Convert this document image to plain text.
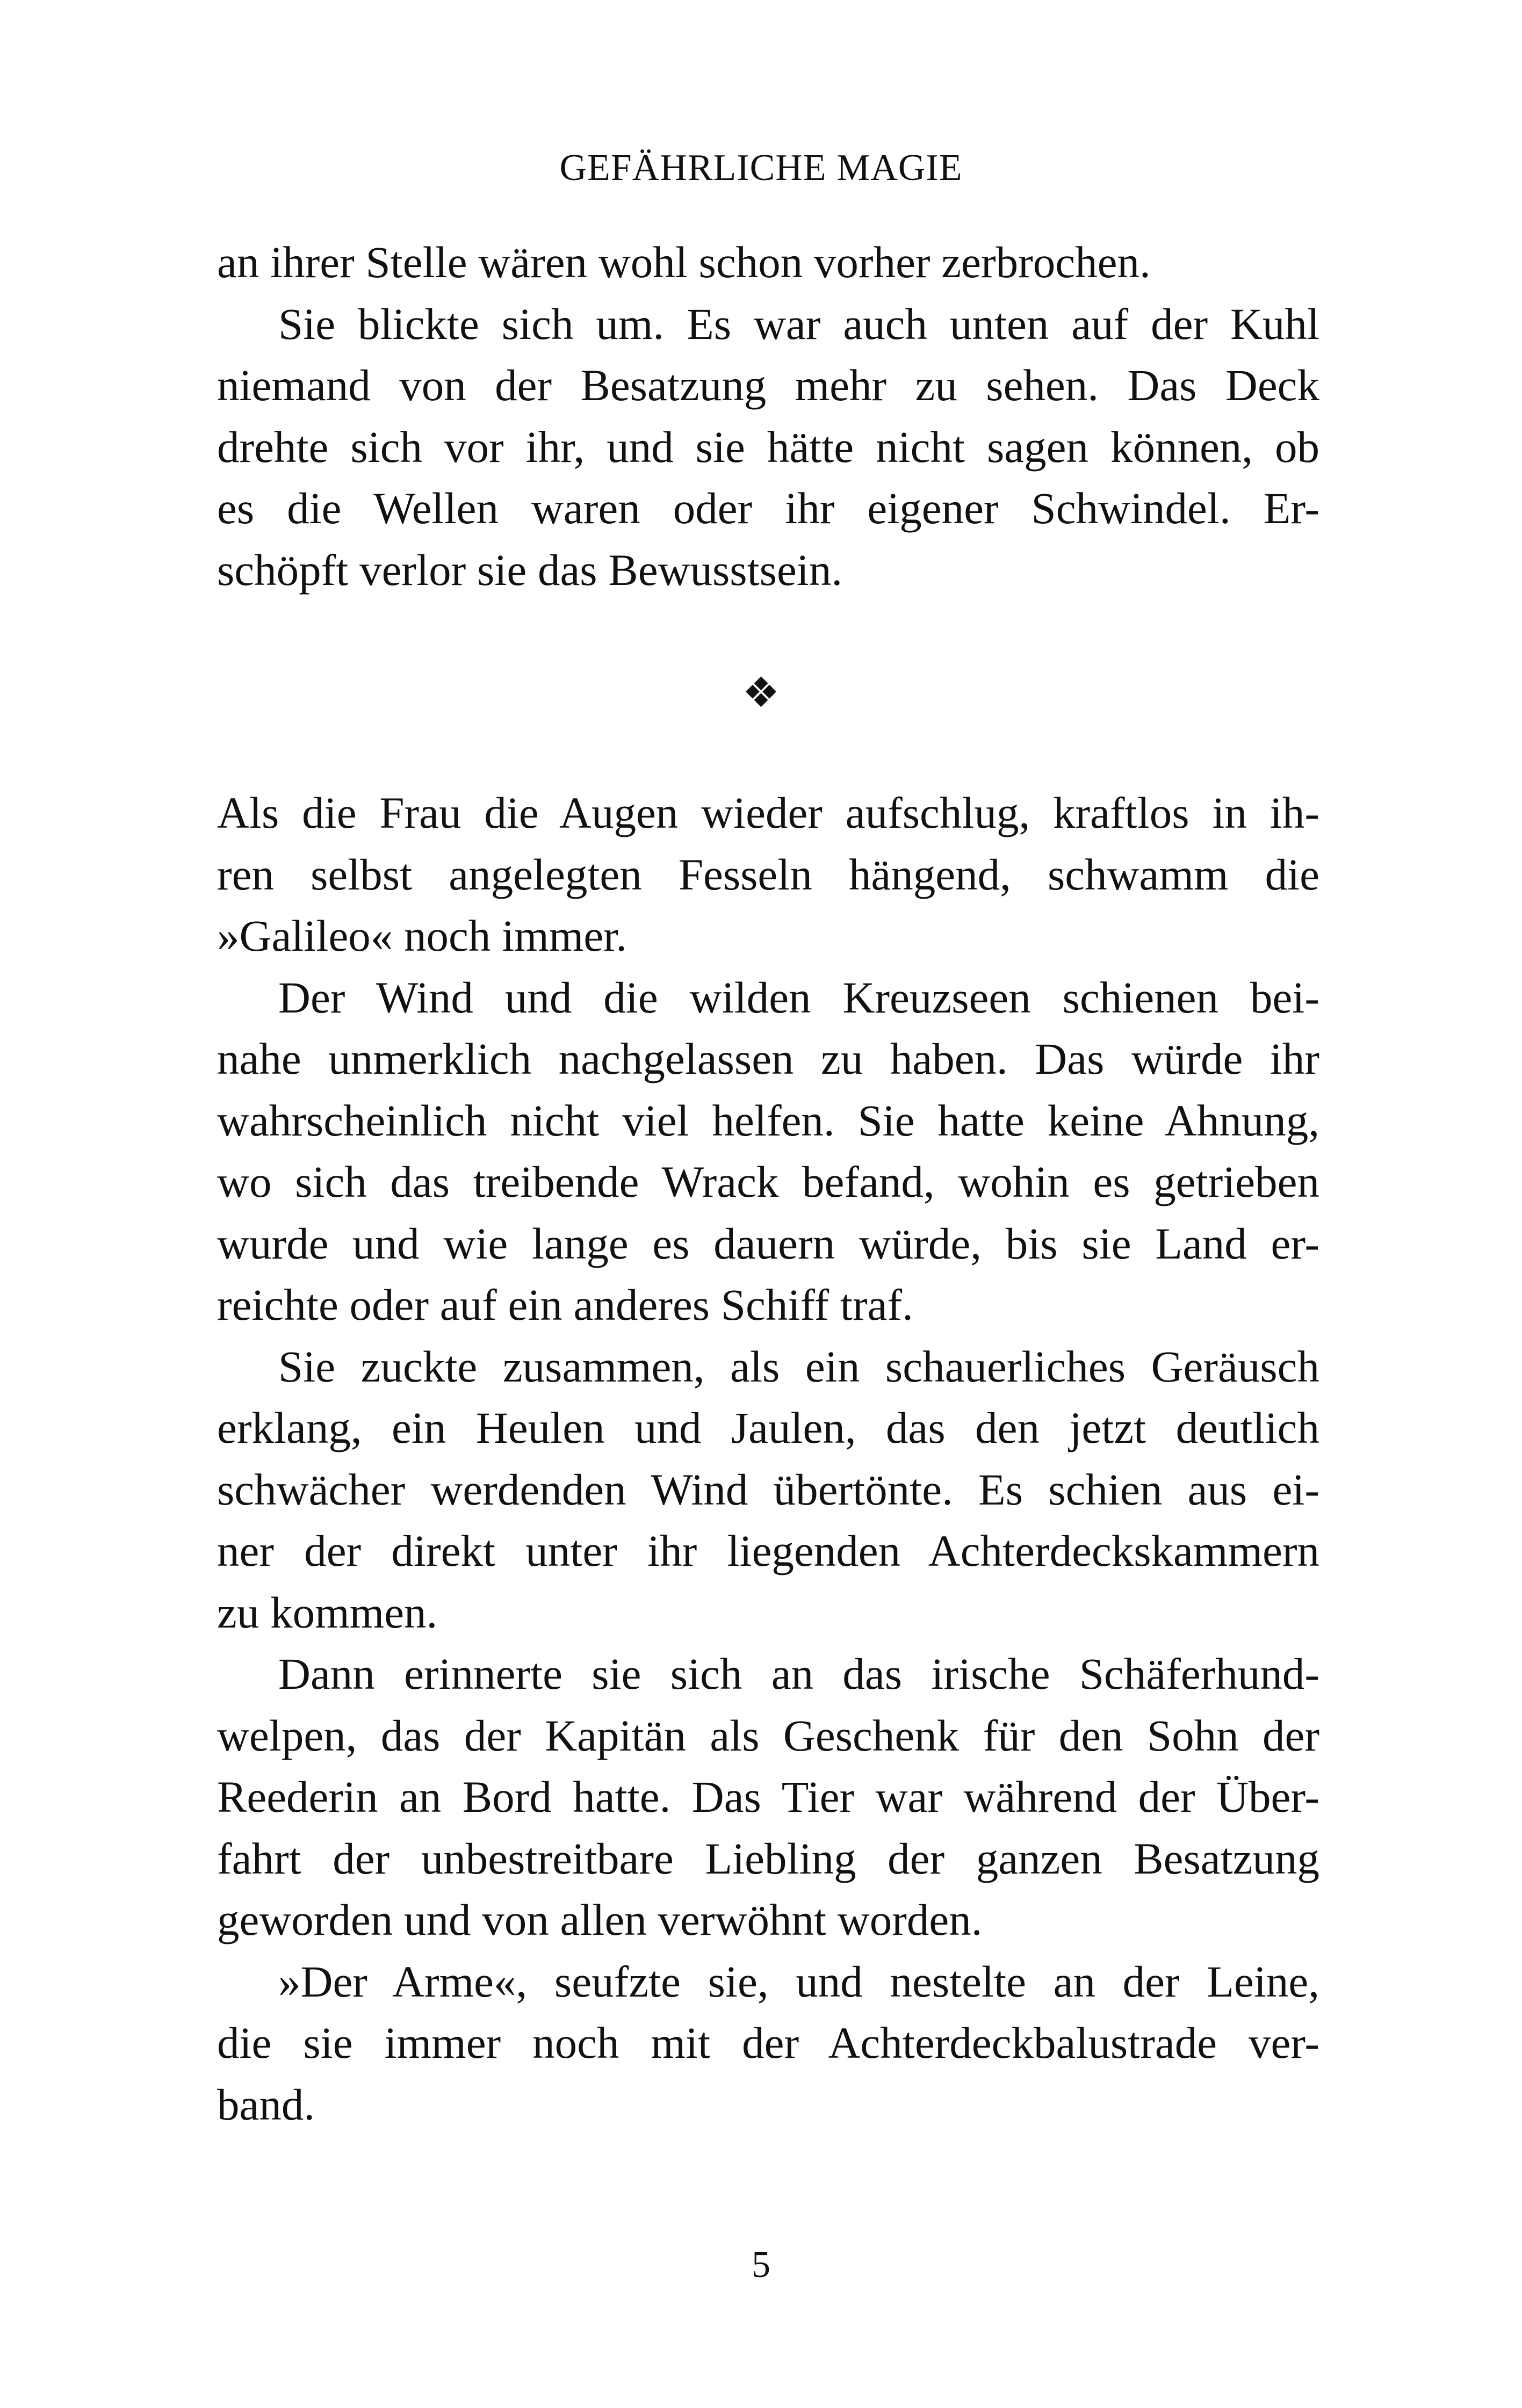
GEFÄHRLICHE MAGIE
an ihrer Stelle wären wohl schon vorher zerbrochen.
Sie blickte sich um. Es war auch unten auf der Kuhl
niemand von der Besatzung mehr zu sehen. Das Deck
drehte sich vor ihr, und sie hätte nicht sagen können, ob
es die Wellen waren oder ihr eigener Schwindel. Er-
schöpft verlor sie das Bewusstsein.
❖
Als die Frau die Augen wieder aufschlug, kraftlos in ih-
ren selbst angelegten Fesseln hängend, schwamm die
»Galileo« noch immer.
Der Wind und die wilden Kreuzseen schienen bei-
nahe unmerklich nachgelassen zu haben. Das würde ihr
wahrscheinlich nicht viel helfen. Sie hatte keine Ahnung,
wo sich das treibende Wrack befand, wohin es getrieben
wurde und wie lange es dauern würde, bis sie Land er-
reichte oder auf ein anderes Schiff traf.
Sie zuckte zusammen, als ein schauerliches Geräusch
erklang, ein Heulen und Jaulen, das den jetzt deutlich
schwächer werdenden Wind übertönte. Es schien aus ei-
ner der direkt unter ihr liegenden Achterdeckskammern
zu kommen.
Dann erinnerte sie sich an das irische Schäferhund-
welpen, das der Kapitän als Geschenk für den Sohn der
Reederin an Bord hatte. Das Tier war während der Über-
fahrt der unbestreitbare Liebling der ganzen Besatzung
geworden und von allen verwöhnt worden.
»Der Arme«, seufzte sie, und nestelte an der Leine,
die sie immer noch mit der Achterdeckbalustrade ver-
band.
5
